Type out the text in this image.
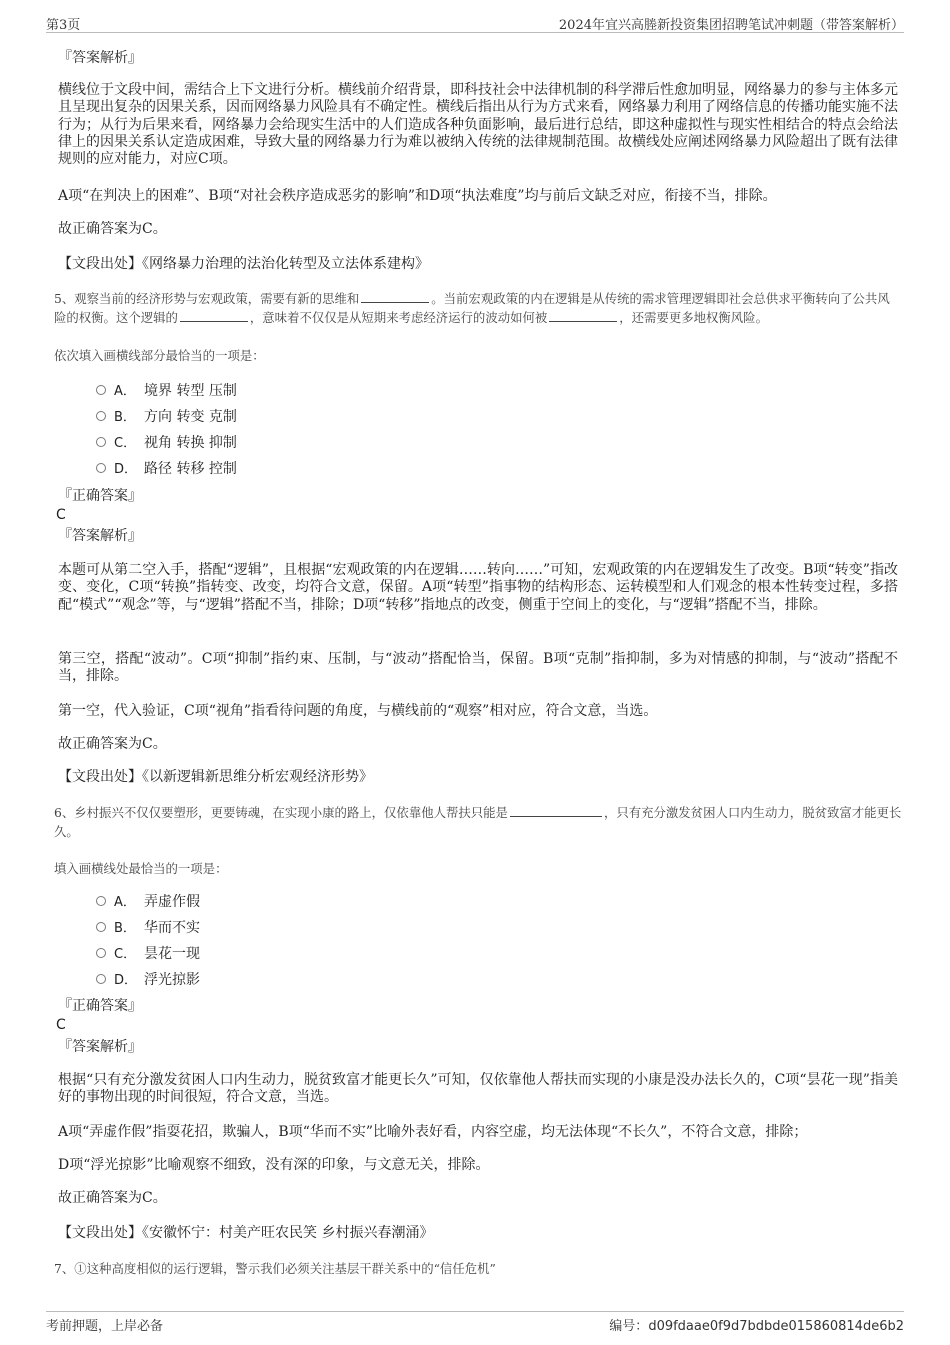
第3页	2024年宜兴高塍新投资集团招聘笔试冲刺题（带答案解析）
『答案解析』
横线位于文段中间，需结合上下文进行分析。横线前介绍背景，即科技社会中法律机制的科学滞后性愈加明显，网络暴力的参与主体多元且呈现出复杂的因果关系，因而网络暴力风险具有不确定性。横线后指出从行为方式来看，网络暴力利用了网络信息的传播功能实施不法行为；从行为后果来看，网络暴力会给现实生活中的人们造成各种负面影响，最后进行总结，即这种虚拟性与现实性相结合的特点会给法律上的因果关系认定造成困难，导致大量的网络暴力行为难以被纳入传统的法律规制范围。故横线处应阐述网络暴力风险超出了既有法律规则的应对能力，对应C项。
A项“在判决上的困难”、B项“对社会秩序造成恶劣的影响”和D项“执法难度”均与前后文缺乏对应，衔接不当，排除。
故正确答案为C。
【文段出处】《网络暴力治理的法治化转型及立法体系建构》
5、观察当前的经济形势与宏观政策，需要有新的思维和	。当前宏观政策的内在逻辑是从传统的需求管理逻辑即社会总供求平衡转向了公共风险的权衡。这个逻辑的	，意味着不仅仅是从短期来考虑经济运行的波动如何被	，还需要更多地权衡风险。
依次填入画横线部分最恰当的一项是：
A． 境界 转型 压制
B． 方向 转变 克制
C． 视角 转换 抑制
D． 路径 转移 控制
『正确答案』
C
『答案解析』
本题可从第二空入手，搭配“逻辑”，且根据“宏观政策的内在逻辑……转向……”可知，宏观政策的内在逻辑发生了改变。B项“转变”指改变、变化，C项“转换”指转变、改变，均符合文意，保留。A项“转型”指事物的结构形态、运转模型和人们观念的根本性转变过程，多搭配“模式”“观念”等，与“逻辑”搭配不当，排除；D项“转移”指地点的改变，侧重于空间上的变化，与“逻辑”搭配不当，排除。
第三空，搭配“波动”。C项“抑制”指约束、压制，与“波动”搭配恰当，保留。B项“克制”指抑制，多为对情感的抑制，与“波动”搭配不当，排除。
第一空，代入验证，C项“视角”指看待问题的角度，与横线前的“观察”相对应，符合文意，当选。
故正确答案为C。
【文段出处】《以新逻辑新思维分析宏观经济形势》
6、乡村振兴不仅仅要塑形，更要铸魂，在实现小康的路上，仅依靠他人帮扶只能是	，只有充分激发贫困人口内生动力，脱贫致富才能更长久。
填入画横线处最恰当的一项是：
A． 弄虚作假
B． 华而不实
C． 昙花一现
D． 浮光掠影
『正确答案』
C
『答案解析』
根据“只有充分激发贫困人口内生动力，脱贫致富才能更长久”可知，仅依靠他人帮扶而实现的小康是没办法长久的，C项“昙花一现”指美好的事物出现的时间很短，符合文意，当选。
A项“弄虚作假”指耍花招，欺骗人，B项“华而不实”比喻外表好看，内容空虚，均无法体现“不长久”，不符合文意，排除；
D项“浮光掠影”比喻观察不细致，没有深的印象，与文意无关，排除。
故正确答案为C。
【文段出处】《安徽怀宁：村美产旺农民笑 乡村振兴春潮涌》
7、①这种高度相似的运行逻辑，警示我们必须关注基层干群关系中的“信任危机”
考前押题，上岸必备	编号：d09fdaae0f9d7bdbde015860814de6b2
